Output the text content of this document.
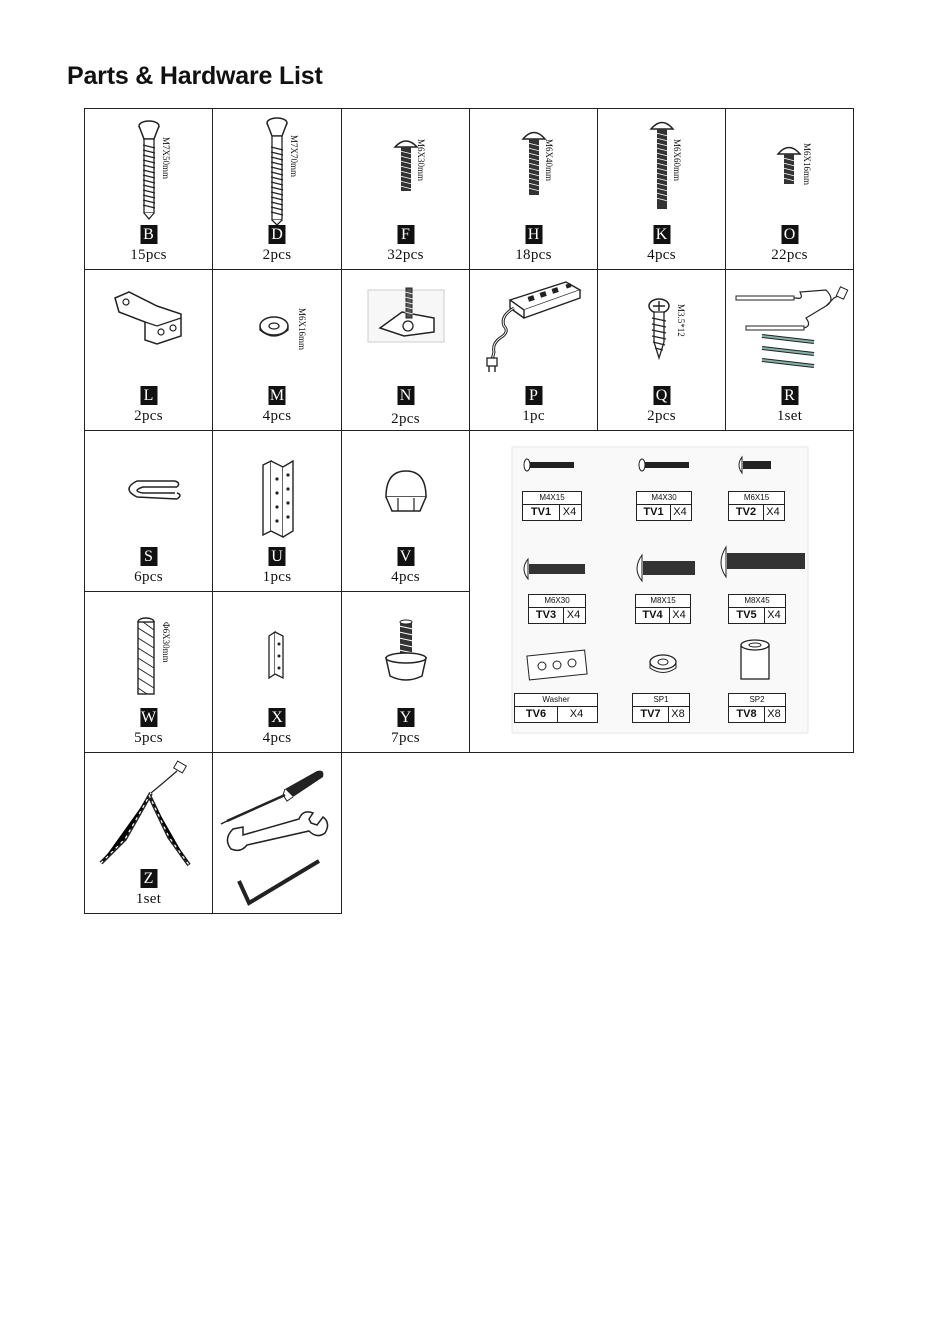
Parts & Hardware List
M7X50mm
B
15pcs
M7X70mm
D
2pcs
M6X30mm
F
32pcs
M6X40mm
H
18pcs
M6X60mm
K
4pcs
M6X16mm
O
22pcs
L
2pcs
M6X16mm
M
4pcs
N
2pcs
P
1pc
M3.5*12
Q
2pcs
R
1set
S
6pcs
U
1pcs
V
4pcs
Φ6X30mm
W
5pcs
X
4pcs
Y
7pcs
M4X15
TV1	X4
M4X30
TV1 X4
M6X15
TV2 X4
M6X30
TV3 X4
M8X15
TV4 X4
M8X45
TV5 X4
Washer
TV6	X4
SP1
TV7 X8
SP2
TV8 X8
Z
1set
